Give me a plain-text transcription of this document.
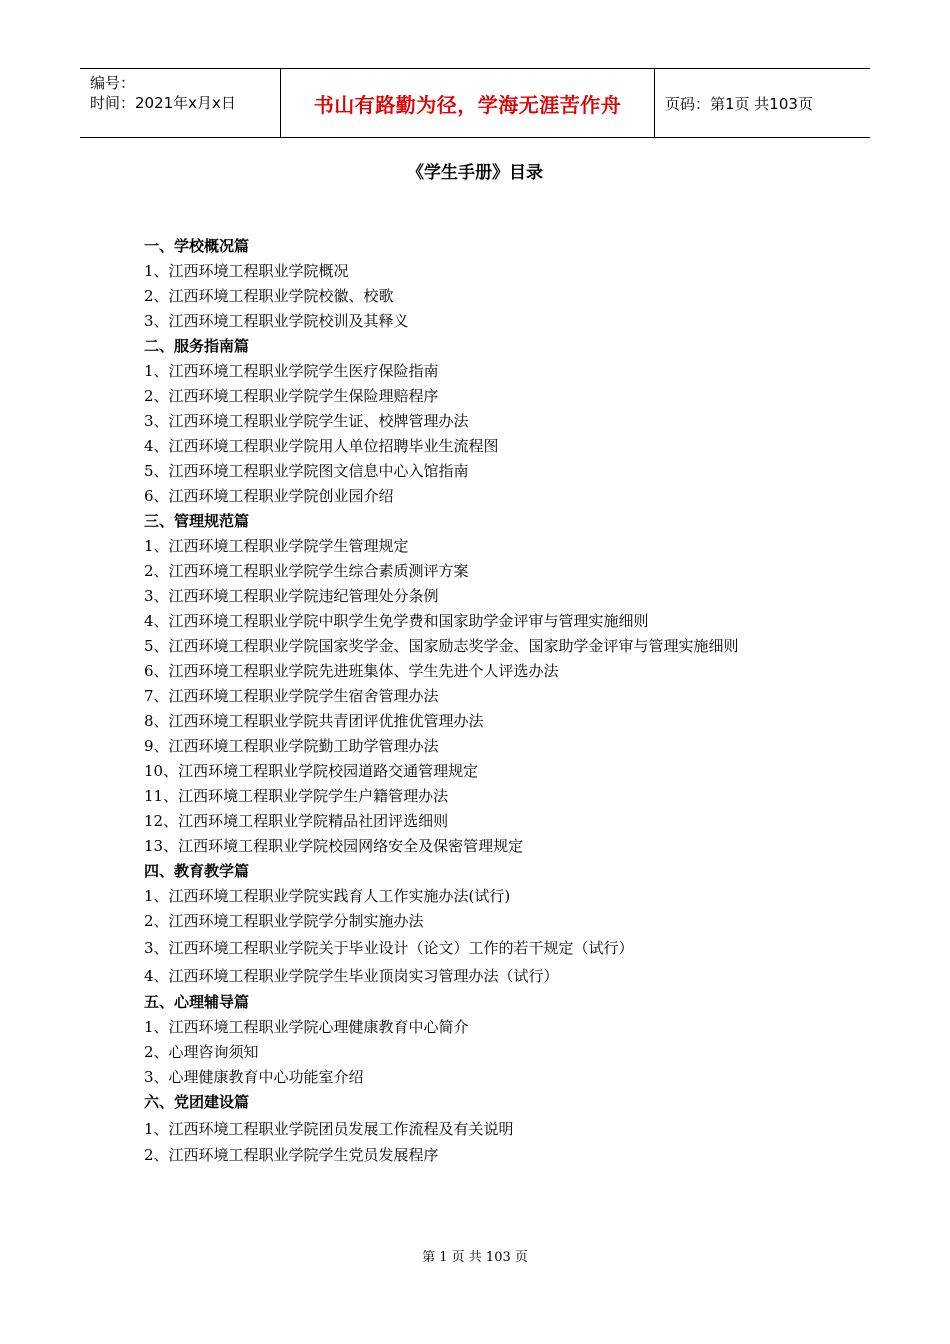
编号：
时间：2021年x月x日	书山有路勤为径，学海无涯苦作舟	页码：第1页 共103页
《学生手册》目录
一、学校概况篇
1、江西环境工程职业学院概况
2、江西环境工程职业学院校徽、校歌
3、江西环境工程职业学院校训及其释义
二、服务指南篇
1、江西环境工程职业学院学生医疗保险指南
2、江西环境工程职业学院学生保险理赔程序
3、江西环境工程职业学院学生证、校牌管理办法
4、江西环境工程职业学院用人单位招聘毕业生流程图
5、江西环境工程职业学院图文信息中心入馆指南
6、江西环境工程职业学院创业园介绍
三、管理规范篇
1、江西环境工程职业学院学生管理规定
2、江西环境工程职业学院学生综合素质测评方案
3、江西环境工程职业学院违纪管理处分条例
4、江西环境工程职业学院中职学生免学费和国家助学金评审与管理实施细则
5、江西环境工程职业学院国家奖学金、国家励志奖学金、国家助学金评审与管理实施细则
6、江西环境工程职业学院先进班集体、学生先进个人评选办法
7、江西环境工程职业学院学生宿舍管理办法
8、江西环境工程职业学院共青团评优推优管理办法
9、江西环境工程职业学院勤工助学管理办法
10、江西环境工程职业学院校园道路交通管理规定
11、江西环境工程职业学院学生户籍管理办法
12、江西环境工程职业学院精品社团评选细则
13、江西环境工程职业学院校园网络安全及保密管理规定
四、教育教学篇
1、江西环境工程职业学院实践育人工作实施办法(试行)
2、江西环境工程职业学院学分制实施办法
3、江西环境工程职业学院关于毕业设计（论文）工作的若干规定（试行）
4、江西环境工程职业学院学生毕业顶岗实习管理办法（试行）
五、心理辅导篇
1、江西环境工程职业学院心理健康教育中心简介
2、心理咨询须知
3、心理健康教育中心功能室介绍
六、党团建设篇
1、江西环境工程职业学院团员发展工作流程及有关说明
2、江西环境工程职业学院学生党员发展程序
第 1 页 共 103 页
